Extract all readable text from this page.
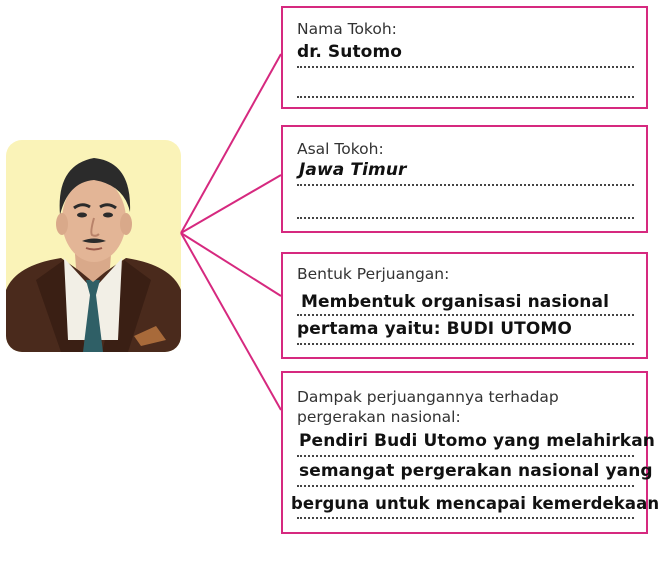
Nama Tokoh:
dr. Sutomo
Asal Tokoh:
Jawa Timur
Bentuk Perjuangan:
Membentuk organisasi nasional
pertama yaitu: BUDI UTOMO
Dampak perjuangannya terhadap
pergerakan nasional:
Pendiri Budi Utomo yang melahirkan
semangat pergerakan nasional yang
berguna untuk mencapai kemerdekaan
